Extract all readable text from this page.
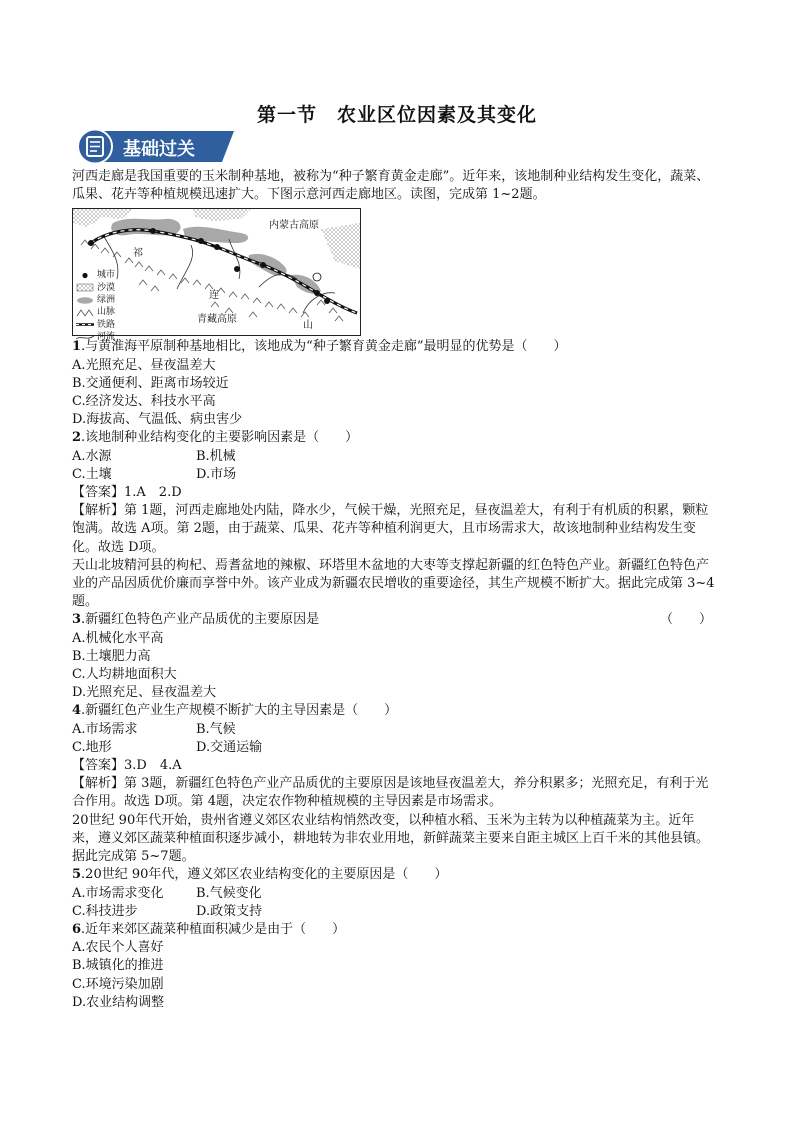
第一节　农业区位因素及其变化
基础过关

河西走廊是我国重要的玉米制种基地，被称为“种子繁育黄金走廊”。近年来，该地制种业结构发生变化，蔬菜、瓜果、花卉等种植规模迅速扩大。下图示意河西走廊地区。读图，完成第 1~2题。

内蒙古高原
青藏高原
祁
连
山
城市
沙漠
绿洲
山脉
铁路
河流

1.与黄淮海平原制种基地相比，该地成为“种子繁育黄金走廊”最明显的优势是（　　）

A.光照充足、昼夜温差大

B.交通便利、距离市场较近

C.经济发达、科技水平高

D.海拔高、气温低、病虫害少

2.该地制种业结构变化的主要影响因素是（　　）

A.水源	B.机械
C.土壤	D.市场

【答案】1.A　2.D

【解析】第 1题，河西走廊地处内陆，降水少，气候干燥，光照充足，昼夜温差大，有利于有机质的积累，颗粒饱满。故选 A项。第 2题，由于蔬菜、瓜果、花卉等种植利润更大，且市场需求大，故该地制种业结构发生变化。故选 D项。

天山北坡精河县的枸杞、焉耆盆地的辣椒、环塔里木盆地的大枣等支撑起新疆的红色特色产业。新疆红色特色产业的产品因质优价廉而享誉中外。该产业成为新疆农民增收的重要途径，其生产规模不断扩大。据此完成第 3~4题。

3.新疆红色特色产业产品质优的主要原因是	（　　）

A.机械化水平高

B.土壤肥力高

C.人均耕地面积大

D.光照充足、昼夜温差大

4.新疆红色产业生产规模不断扩大的主导因素是（　　）

A.市场需求	B.气候
C.地形	D.交通运输

【答案】3.D　4.A

【解析】第 3题，新疆红色特色产业产品质优的主要原因是该地昼夜温差大，养分积累多；光照充足，有利于光合作用。故选 D项。第 4题，决定农作物种植规模的主导因素是市场需求。

20世纪 90年代开始，贵州省遵义郊区农业结构悄然改变，以种植水稻、玉米为主转为以种植蔬菜为主。近年来，遵义郊区蔬菜种植面积逐步减小，耕地转为非农业用地，新鲜蔬菜主要来自距主城区上百千米的其他县镇。据此完成第 5~7题。

5.20世纪 90年代，遵义郊区农业结构变化的主要原因是（　　）

A.市场需求变化	B.气候变化
C.科技进步	D.政策支持

6.近年来郊区蔬菜种植面积减少是由于（　　）

A.农民个人喜好

B.城镇化的推进

C.环境污染加剧

D.农业结构调整
